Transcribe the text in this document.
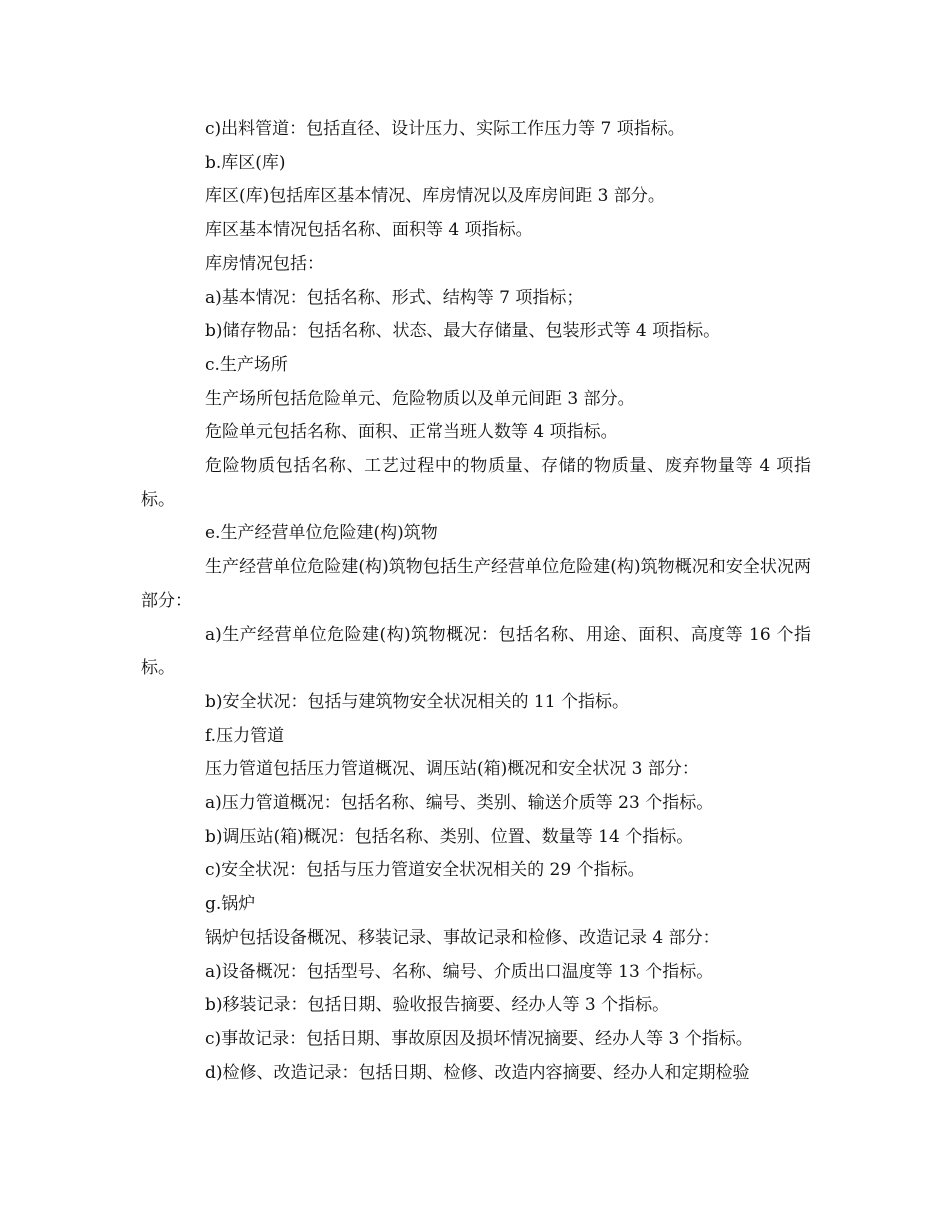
c)出料管道：包括直径、设计压力、实际工作压力等 7 项指标。

b.库区(库)

库区(库)包括库区基本情况、库房情况以及库房间距 3 部分。

库区基本情况包括名称、面积等 4 项指标。

库房情况包括：

a)基本情况：包括名称、形式、结构等 7 项指标；

b)储存物品：包括名称、状态、最大存储量、包装形式等 4 项指标。

c.生产场所

生产场所包括危险单元、危险物质以及单元间距 3 部分。

危险单元包括名称、面积、正常当班人数等 4 项指标。

危险物质包括名称、工艺过程中的物质量、存储的物质量、废弃物量等 4 项指标。

e.生产经营单位危险建(构)筑物

生产经营单位危险建(构)筑物包括生产经营单位危险建(构)筑物概况和安全状况两部分：

a)生产经营单位危险建(构)筑物概况：包括名称、用途、面积、高度等 16 个指标。

b)安全状况：包括与建筑物安全状况相关的 11 个指标。

f.压力管道

压力管道包括压力管道概况、调压站(箱)概况和安全状况 3 部分：

a)压力管道概况：包括名称、编号、类别、输送介质等 23 个指标。

b)调压站(箱)概况：包括名称、类别、位置、数量等 14 个指标。

c)安全状况：包括与压力管道安全状况相关的 29 个指标。

g.锅炉

锅炉包括设备概况、移装记录、事故记录和检修、改造记录 4 部分：

a)设备概况：包括型号、名称、编号、介质出口温度等 13 个指标。

b)移装记录：包括日期、验收报告摘要、经办人等 3 个指标。

c)事故记录：包括日期、事故原因及损坏情况摘要、经办人等 3 个指标。

d)检修、改造记录：包括日期、检修、改造内容摘要、经办人和定期检验
